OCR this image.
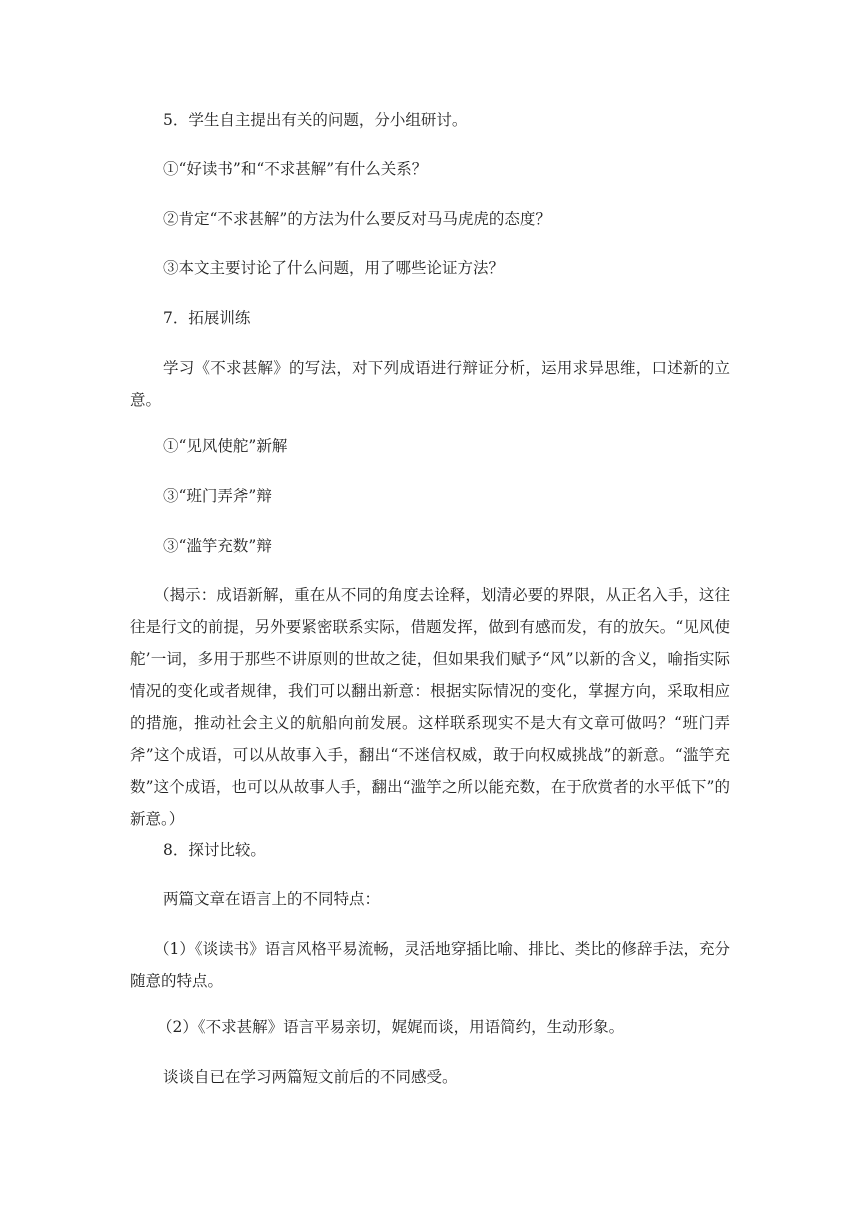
5．学生自主提出有关的问题，分小组研讨。

①“好读书”和“不求甚解”有什么关系？

②肯定“不求甚解”的方法为什么要反对马马虎虎的态度？

③本文主要讨论了什么问题，用了哪些论证方法？

7．拓展训练

学习《不求甚解》的写法，对下列成语进行辩证分析，运用求异思维，口述新的立意。

①“见风使舵”新解

③“班门弄斧”辩

③“滥竽充数”辩

（揭示：成语新解，重在从不同的角度去诠释，划清必要的界限，从正名入手，这往往是行文的前提，另外要紧密联系实际，借题发挥，做到有感而发，有的放矢。“见风使舵’一词，多用于那些不讲原则的世故之徒，但如果我们赋予“风”以新的含义，喻指实际情况的变化或者规律，我们可以翻出新意：根据实际情况的变化，掌握方向，采取相应的措施，推动社会主义的航船向前发展。这样联系现实不是大有文章可做吗？“班门弄斧”这个成语，可以从故事入手，翻出“不迷信权威，敢于向权威挑战”的新意。“滥竽充数”这个成语，也可以从故事人手，翻出“滥竽之所以能充数，在于欣赏者的水平低下”的新意。）

8．探讨比较。

两篇文章在语言上的不同特点：

（1）《谈读书》语言风格平易流畅，灵活地穿插比喻、排比、类比的修辞手法，充分随意的特点。

（2）《不求甚解》语言平易亲切，娓娓而谈，用语简约，生动形象。

谈谈自已在学习两篇短文前后的不同感受。
